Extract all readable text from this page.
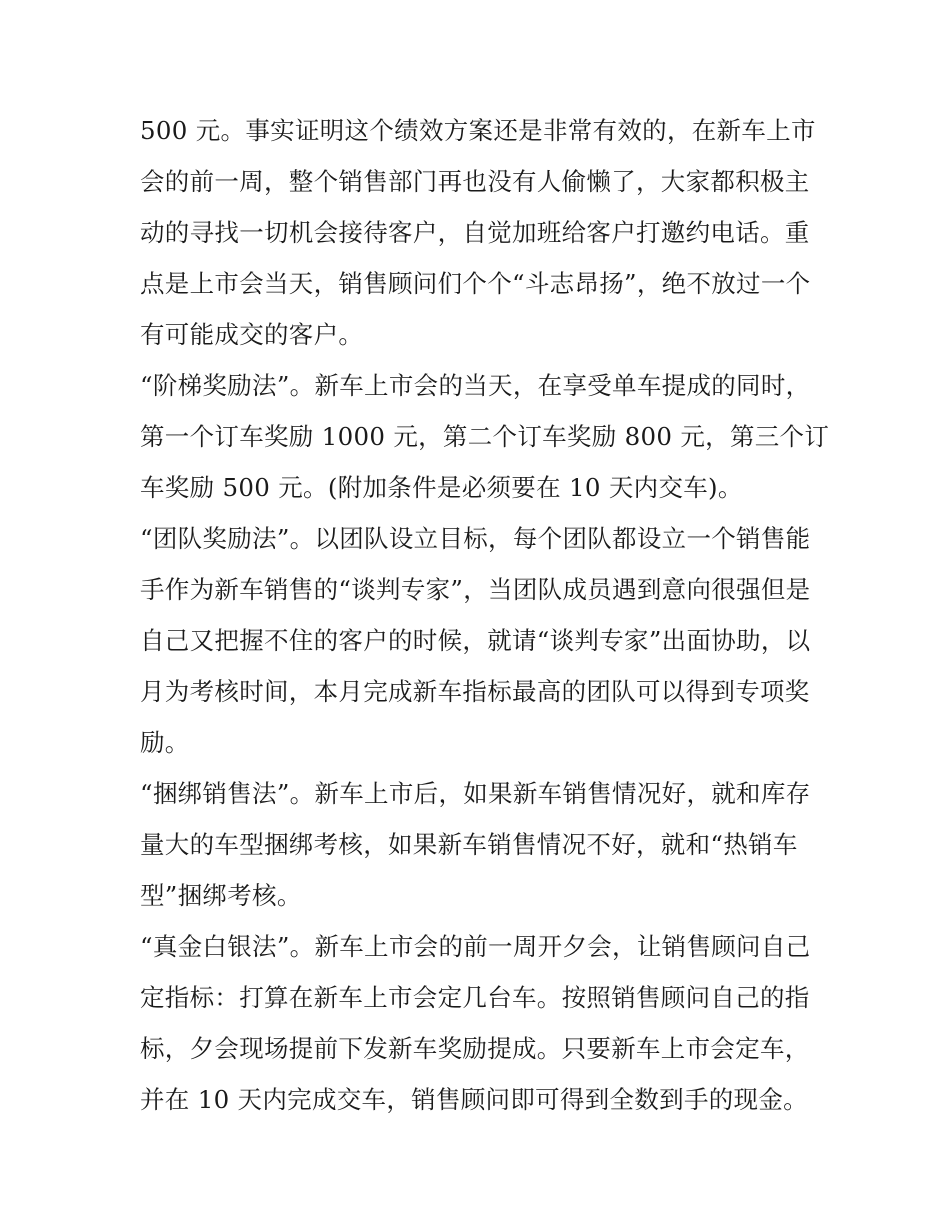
500 元。事实证明这个绩效方案还是非常有效的，在新车上市
会的前一周，整个销售部门再也没有人偷懒了，大家都积极主
动的寻找一切机会接待客户，自觉加班给客户打邀约电话。重
点是上市会当天，销售顾问们个个“斗志昂扬”，绝不放过一个
有可能成交的客户。
“阶梯奖励法”。新车上市会的当天，在享受单车提成的同时，
第一个订车奖励 1000 元，第二个订车奖励 800 元，第三个订
车奖励 500 元。(附加条件是必须要在 10 天内交车)。
“团队奖励法”。以团队设立目标，每个团队都设立一个销售能
手作为新车销售的“谈判专家”，当团队成员遇到意向很强但是
自己又把握不住的客户的时候，就请“谈判专家”出面协助，以
月为考核时间，本月完成新车指标最高的团队可以得到专项奖
励。
“捆绑销售法”。新车上市后，如果新车销售情况好，就和库存
量大的车型捆绑考核，如果新车销售情况不好，就和“热销车
型”捆绑考核。
“真金白银法”。新车上市会的前一周开夕会，让销售顾问自己
定指标：打算在新车上市会定几台车。按照销售顾问自己的指
标，夕会现场提前下发新车奖励提成。只要新车上市会定车，
并在 10 天内完成交车，销售顾问即可得到全数到手的现金。
